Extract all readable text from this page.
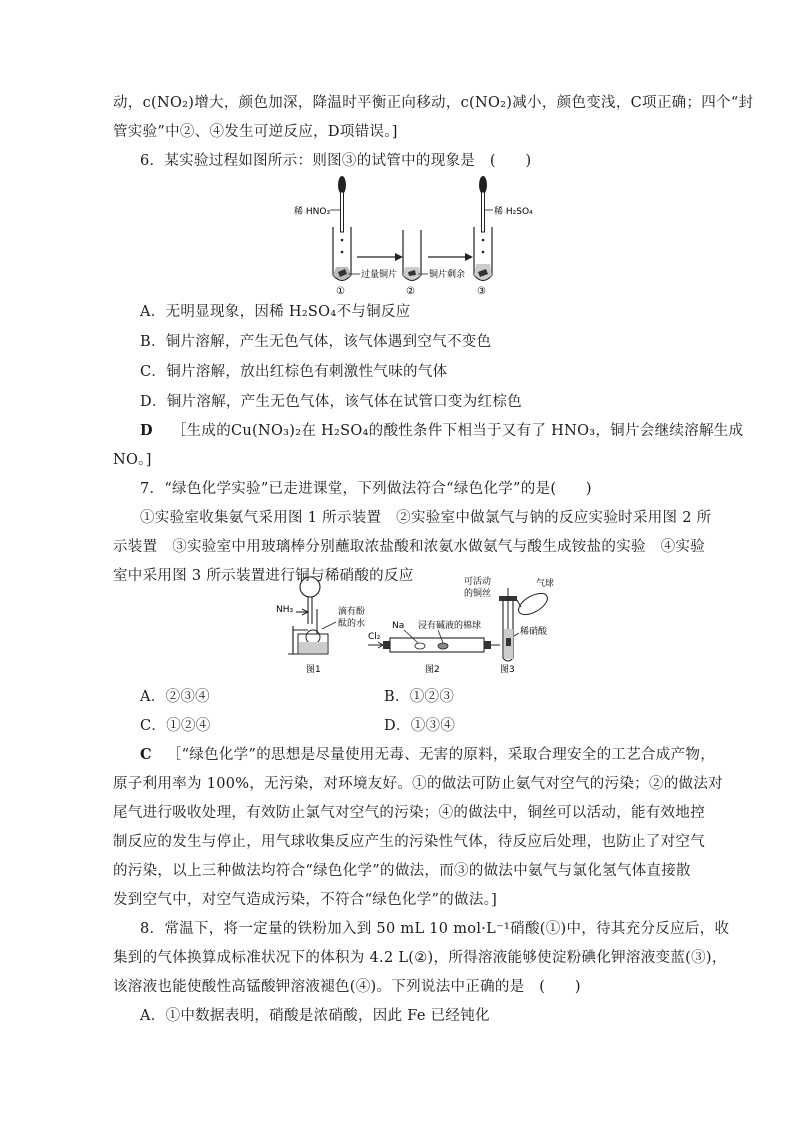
动，c(NO₂)增大，颜色加深，降温时平衡正向移动，c(NO₂)减小，颜色变浅，C项正确；四个“封
管实验”中②、④发生可逆反应，D项错误。]
6．某实验过程如图所示：则图③的试管中的现象是　(　　)
稀 HNO₃
过量铜片
①
铜片剩余
②
稀 H₂SO₄
③
A．无明显现象，因稀 H₂SO₄不与铜反应
B．铜片溶解，产生无色气体，该气体遇到空气不变色
C．铜片溶解，放出红棕色有刺激性气味的气体
D．铜片溶解，产生无色气体，该气体在试管口变为红棕色
D ［生成的Cu(NO₃)₂在 H₂SO₄的酸性条件下相当于又有了 HNO₃，铜片会继续溶解生成
NO。]
7．“绿色化学实验”已走进课堂，下列做法符合“绿色化学”的是(　　)
①实验室收集氨气采用图 1 所示装置　②实验室中做氯气与钠的反应实验时采用图 2 所
示装置　③实验室中用玻璃棒分别蘸取浓盐酸和浓氨水做氨气与酸生成铵盐的实验　④实验
室中采用图 3 所示装置进行铜与稀硝酸的反应
NH₃	滴有酚
酞的水
图1
Cl₂
Na 浸有碱液的棉球
图2
可活动
的铜丝
气球
稀硝酸
图3
A．②③④	B．①②③
C．①②④	D．①③④
C ［“绿色化学”的思想是尽量使用无毒、无害的原料，采取合理安全的工艺合成产物，
原子利用率为 100%，无污染，对环境友好。①的做法可防止氨气对空气的污染；②的做法对
尾气进行吸收处理，有效防止氯气对空气的污染；④的做法中，铜丝可以活动，能有效地控
制反应的发生与停止，用气球收集反应产生的污染性气体，待反应后处理，也防止了对空气
的污染，以上三种做法均符合“绿色化学”的做法，而③的做法中氨气与氯化氢气体直接散
发到空气中，对空气造成污染，不符合“绿色化学”的做法。]
8．常温下，将一定量的铁粉加入到 50 mL 10 mol·L⁻¹硝酸(①)中，待其充分反应后，收
集到的气体换算成标准状况下的体积为 4.2 L(②)，所得溶液能够使淀粉碘化钾溶液变蓝(③)，
该溶液也能使酸性高锰酸钾溶液褪色(④)。下列说法中正确的是　(　　)
A．①中数据表明，硝酸是浓硝酸，因此 Fe 已经钝化
